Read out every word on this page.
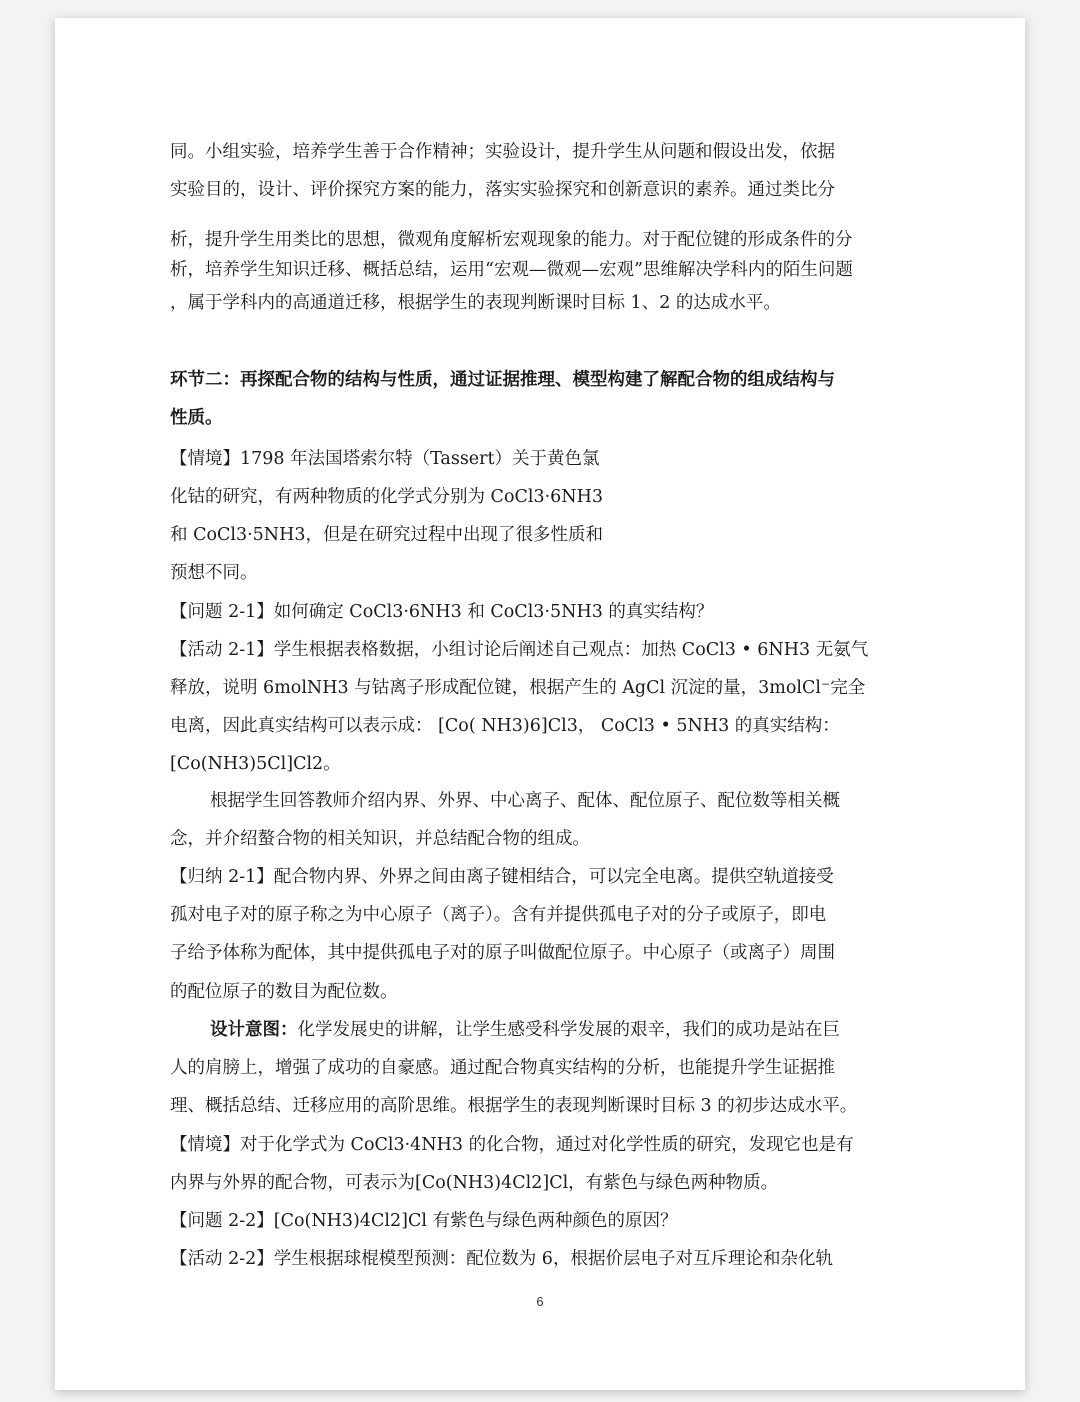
同。小组实验，培养学生善于合作精神；实验设计，提升学生从问题和假设出发，依据
实验目的，设计、评价探究方案的能力，落实实验探究和创新意识的素养。通过类比分
析，提升学生用类比的思想，微观角度解析宏观现象的能力。对于配位键的形成条件的分
析，培养学生知识迁移、概括总结，运用“宏观—微观—宏观”思维解决学科内的陌生问题
，属于学科内的高通道迁移，根据学生的表现判断课时目标 1、2 的达成水平。
环节二：再探配合物的结构与性质，通过证据推理、模型构建了解配合物的组成结构与
性质。
【情境】1798 年法国塔索尔特（Tassert）关于黄色氯
化钴的研究，有两种物质的化学式分别为 CoCl3·6NH3
和 CoCl3·5NH3，但是在研究过程中出现了很多性质和
预想不同。
【问题 2-1】如何确定 CoCl3·6NH3 和 CoCl3·5NH3 的真实结构？
【活动 2-1】学生根据表格数据，小组讨论后阐述自己观点：加热 CoCl3 • 6NH3 无氨气
释放，说明 6molNH3 与钴离子形成配位键，根据产生的 AgCl 沉淀的量，3molCl⁻完全
电离，因此真实结构可以表示成： [Co( NH3)6]Cl3， CoCl3 • 5NH3 的真实结构：
[Co(NH3)5Cl]Cl2。
根据学生回答教师介绍内界、外界、中心离子、配体、配位原子、配位数等相关概
念，并介绍螯合物的相关知识，并总结配合物的组成。
【归纳 2-1】配合物内界、外界之间由离子键相结合，可以完全电离。提供空轨道接受
孤对电子对的原子称之为中心原子（离子）。含有并提供孤电子对的分子或原子，即电
子给予体称为配体，其中提供孤电子对的原子叫做配位原子。中心原子（或离子）周围
的配位原子的数目为配位数。
设计意图：化学发展史的讲解，让学生感受科学发展的艰辛，我们的成功是站在巨
人的肩膀上，增强了成功的自豪感。通过配合物真实结构的分析，也能提升学生证据推
理、概括总结、迁移应用的高阶思维。根据学生的表现判断课时目标 3 的初步达成水平。
【情境】对于化学式为 CoCl3·4NH3 的化合物，通过对化学性质的研究，发现它也是有
内界与外界的配合物，可表示为[Co(NH3)4Cl2]Cl，有紫色与绿色两种物质。
【问题 2-2】[Co(NH3)4Cl2]Cl 有紫色与绿色两种颜色的原因？
【活动 2-2】学生根据球棍模型预测：配位数为 6，根据价层电子对互斥理论和杂化轨
6
